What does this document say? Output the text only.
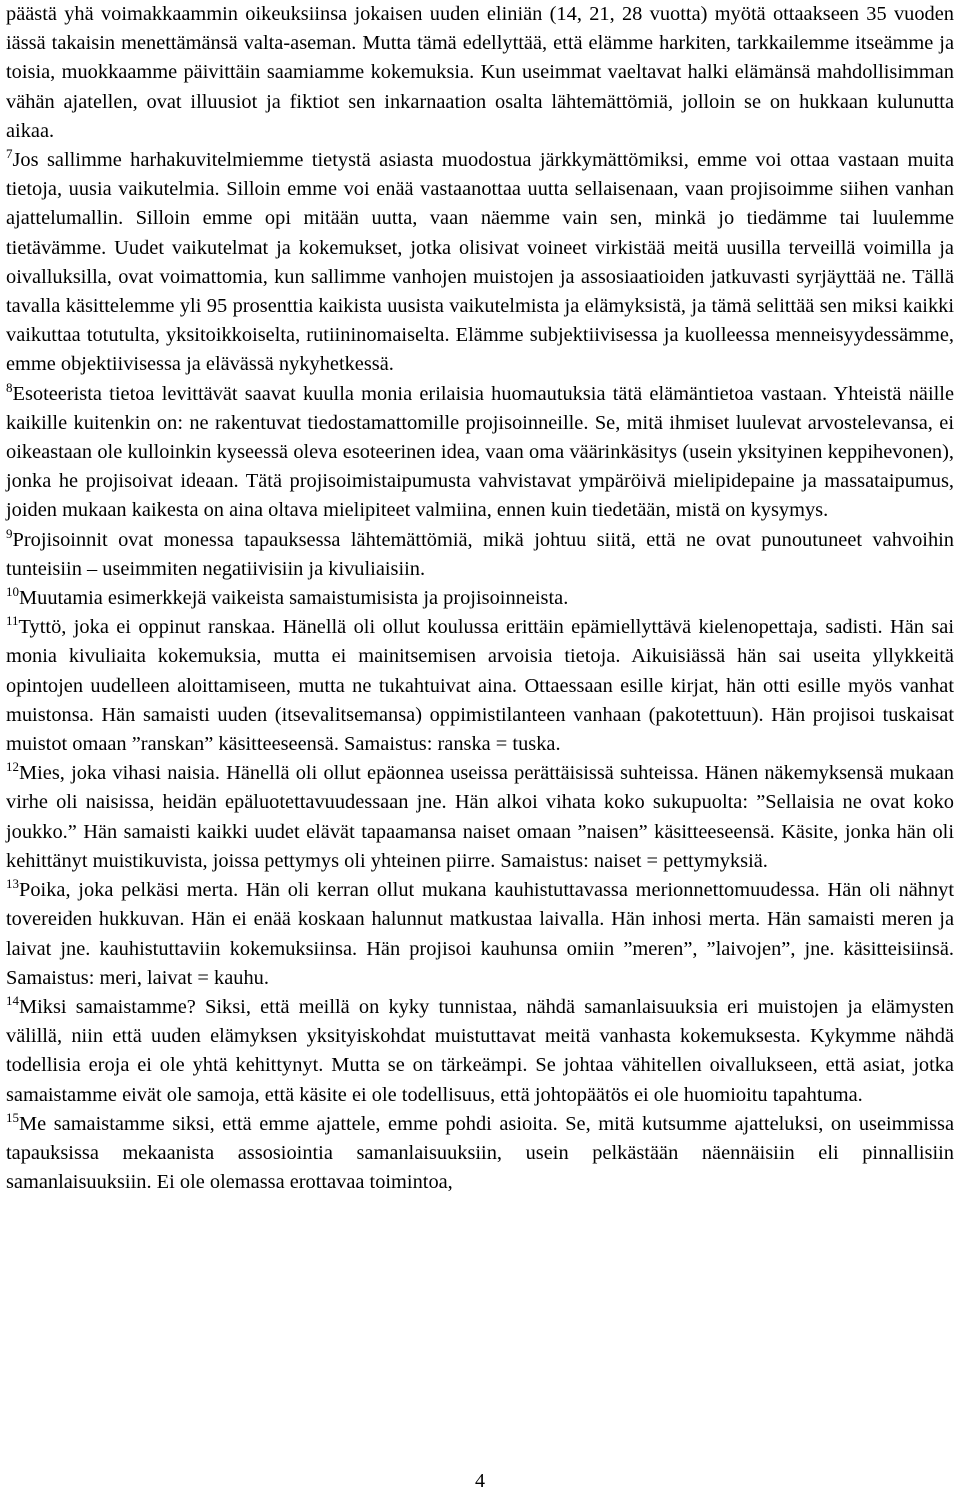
päästä yhä voimakkaammin oikeuksiinsa jokaisen uuden eliniän (14, 21, 28 vuotta) myötä ottaakseen 35 vuoden iässä takaisin menettämänsä valta-aseman. Mutta tämä edellyttää, että elämme harkiten, tarkkailemme itseämme ja toisia, muokkaamme päivittäin saamiamme kokemuksia. Kun useimmat vaeltavat halki elämänsä mahdollisimman vähän ajatellen, ovat illuusiot ja fiktiot sen inkarnaation osalta lähtemättömiä, jolloin se on hukkaan kulunutta aikaa.

$^7$Jos sallimme harhakuvitelmiemme tietystä asiasta muodostua järkkymättömiksi, emme voi ottaa vastaan muita tietoja, uusia vaikutelmia. Silloin emme voi enää vastaanottaa uutta sellaisenaan, vaan projisoimme siihen vanhan ajattelumallin. Silloin emme opi mitään uutta, vaan näemme vain sen, minkä jo tiedämme tai luulemme tietävämme. Uudet vaikutelmat ja kokemukset, jotka olisivat voineet virkistää meitä uusilla terveillä voimilla ja oivalluksilla, ovat voimattomia, kun sallimme vanhojen muistojen ja assosiaatioiden jatkuvasti syrjäyttää ne. Tällä tavalla käsittelemme yli 95 prosenttia kaikista uusista vaikutelmista ja elämyksistä, ja tämä selittää sen miksi kaikki vaikuttaa totutulta, yksitoikkoiselta, rutiininomaiselta. Elämme subjektiivisessa ja kuolleessa menneisyydessämme, emme objektiivisessa ja elävässä nykyhetkessä.

$^8$Esoteerista tietoa levittävät saavat kuulla monia erilaisia huomautuksia tätä elämäntietoa vastaan. Yhteistä näille kaikille kuitenkin on: ne rakentuvat tiedostamattomille projisoinneille. Se, mitä ihmiset luulevat arvostelevansa, ei oikeastaan ole kulloinkin kyseessä oleva esoteerinen idea, vaan oma väärinkäsitys (usein yksityinen keppihevonen), jonka he projisoivat ideaan. Tätä projisoimistaipumusta vahvistavat ympäröivä mielipidepaine ja massataipumus, joiden mukaan kaikesta on aina oltava mielipiteet valmiina, ennen kuin tiedetään, mistä on kysymys.

$^9$Projisoinnit ovat monessa tapauksessa lähtemättömiä, mikä johtuu siitä, että ne ovat punoutuneet vahvoihin tunteisiin – useimmiten negatiivisiin ja kivuliaisiin.

$^{10}$Muutamia esimerkkejä vaikeista samaistumisista ja projisoinneista.

$^{11}$Tyttö, joka ei oppinut ranskaa. Hänellä oli ollut koulussa erittäin epämiellyttävä kielenopettaja, sadisti. Hän sai monia kivuliaita kokemuksia, mutta ei mainitsemisen arvoisia tietoja. Aikuisiässä hän sai useita yllykkeitä opintojen uudelleen aloittamiseen, mutta ne tukahtuivat aina. Ottaessaan esille kirjat, hän otti esille myös vanhat muistonsa. Hän samaisti uuden (itsevalitsemansa) oppimistilanteen vanhaan (pakotettuun). Hän projisoi tuskaisat muistot omaan ”ranskan” käsitteeseensä. Samaistus: ranska = tuska.

$^{12}$Mies, joka vihasi naisia. Hänellä oli ollut epäonnea useissa perättäisissä suhteissa. Hänen näkemyksensä mukaan virhe oli naisissa, heidän epäluotettavuudessaan jne. Hän alkoi vihata koko sukupuolta: ”Sellaisia ne ovat koko joukko.” Hän samaisti kaikki uudet elävät tapaamansa naiset omaan ”naisen” käsitteeseensä. Käsite, jonka hän oli kehittänyt muistikuvista, joissa pettymys oli yhteinen piirre. Samaistus: naiset = pettymyksiä.

$^{13}$Poika, joka pelkäsi merta. Hän oli kerran ollut mukana kauhistuttavassa merionnettomuudessa. Hän oli nähnyt tovereiden hukkuvan. Hän ei enää koskaan halunnut matkustaa laivalla. Hän inhosi merta. Hän samaisti meren ja laivat jne. kauhistuttaviin kokemuksiinsa. Hän projisoi kauhunsa omiin ”meren”, ”laivojen”, jne. käsitteisiinsä. Samaistus: meri, laivat = kauhu.

$^{14}$Miksi samaistamme? Siksi, että meillä on kyky tunnistaa, nähdä samanlaisuuksia eri muistojen ja elämysten välillä, niin että uuden elämyksen yksityiskohdat muistuttavat meitä vanhasta kokemuksesta. Kykymme nähdä todellisia eroja ei ole yhtä kehittynyt. Mutta se on tärkeämpi. Se johtaa vähitellen oivallukseen, että asiat, jotka samaistamme eivät ole samoja, että käsite ei ole todellisuus, että johtopäätös ei ole huomioitu tapahtuma.

$^{15}$Me samaistamme siksi, että emme ajattele, emme pohdi asioita. Se, mitä kutsumme ajatteluksi, on useimmissa tapauksissa mekaanista assosiointia samanlaisuuksiin, usein pelkästään näennäisiin eli pinnallisiin samanlaisuuksiin. Ei ole olemassa erottavaa toimintoa,

4
